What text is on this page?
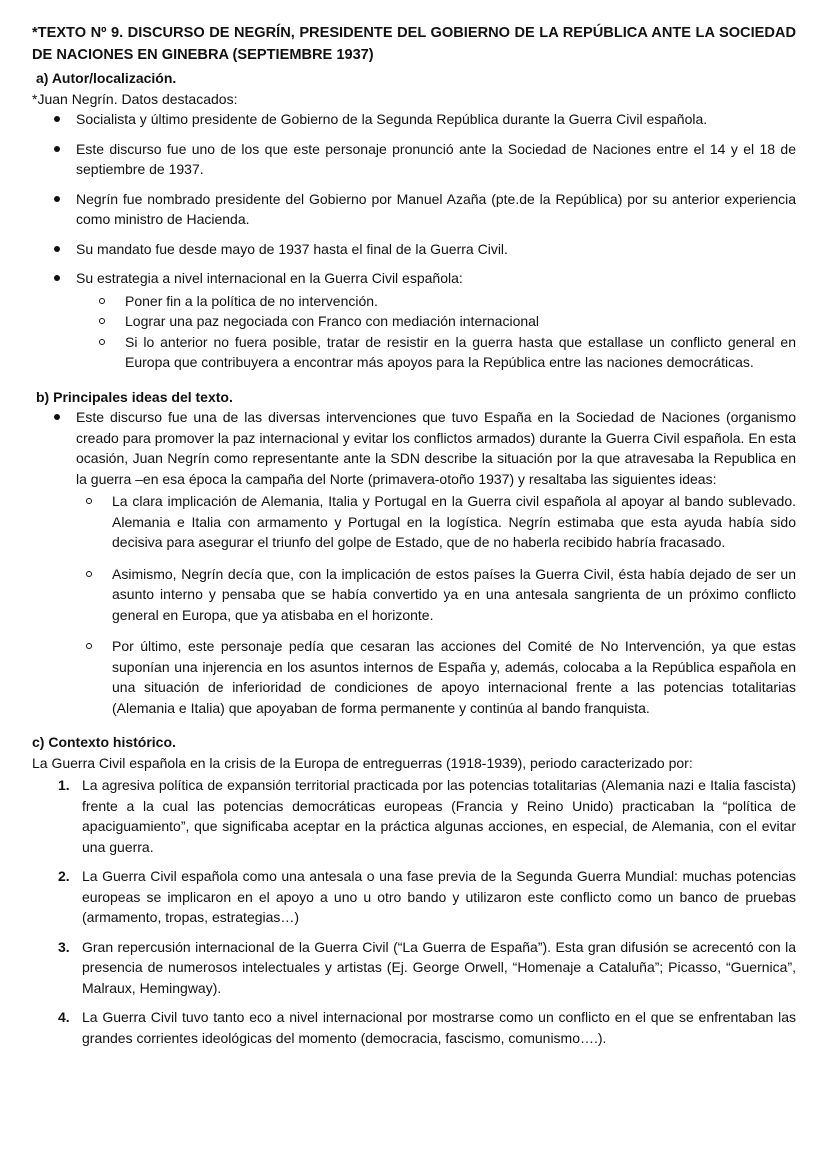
*TEXTO Nº 9. DISCURSO DE NEGRÍN, PRESIDENTE DEL GOBIERNO DE LA REPÚBLICA ANTE LA SOCIEDAD DE NACIONES EN GINEBRA (SEPTIEMBRE 1937)

a) Autor/localización.

*Juan Negrín. Datos destacados:

Socialista y último presidente de Gobierno de la Segunda República durante la Guerra Civil española.
Este discurso fue uno de los que este personaje pronunció ante la Sociedad de Naciones entre el 14 y el 18 de septiembre de 1937.
Negrín fue nombrado presidente del Gobierno por Manuel Azaña (pte.de la República) por su anterior experiencia como ministro de Hacienda.
Su mandato fue desde mayo de 1937 hasta el final de la Guerra Civil.
Su estrategia a nivel internacional en la Guerra Civil española:
Poner fin a la política de no intervención.
Lograr una paz negociada con Franco con mediación internacional
Si lo anterior no fuera posible, tratar de resistir en la guerra hasta que estallase un conflicto general en Europa que contribuyera a encontrar más apoyos para la República entre las naciones democráticas.

b) Principales ideas del texto.

Este discurso fue una de las diversas intervenciones que tuvo España en la Sociedad de Naciones (organismo creado para promover la paz internacional y evitar los conflictos armados) durante la Guerra Civil española. En esta ocasión, Juan Negrín como representante ante la SDN describe la situación por la que atravesaba la Republica en la guerra –en esa época la campaña del Norte (primavera-otoño 1937) y resaltaba las siguientes ideas:
La clara implicación de Alemania, Italia y Portugal en la Guerra civil española al apoyar al bando sublevado. Alemania e Italia con armamento y Portugal en la logística. Negrín estimaba que esta ayuda había sido decisiva para asegurar el triunfo del golpe de Estado, que de no haberla recibido habría fracasado.
Asimismo, Negrín decía que, con la implicación de estos países la Guerra Civil, ésta había dejado de ser un asunto interno y pensaba que se había convertido ya en una antesala sangrienta de un próximo conflicto general en Europa, que ya atisbaba en el horizonte.
Por último, este personaje pedía que cesaran las acciones del Comité de No Intervención, ya que estas suponían una injerencia en los asuntos internos de España y, además, colocaba a la República española en una situación de inferioridad de condiciones de apoyo internacional frente a las potencias totalitarias (Alemania e Italia) que apoyaban de forma permanente y continúa al bando franquista.

c) Contexto histórico.

La Guerra Civil española en la crisis de la Europa de entreguerras (1918-1939), periodo caracterizado por:

1. La agresiva política de expansión territorial practicada por las potencias totalitarias (Alemania nazi e Italia fascista) frente a la cual las potencias democráticas europeas (Francia y Reino Unido) practicaban la “política de apaciguamiento”, que significaba aceptar en la práctica algunas acciones, en especial, de Alemania, con el evitar una guerra.
2. La Guerra Civil española como una antesala o una fase previa de la Segunda Guerra Mundial: muchas potencias europeas se implicaron en el apoyo a uno u otro bando y utilizaron este conflicto como un banco de pruebas (armamento, tropas, estrategias…)
3. Gran repercusión internacional de la Guerra Civil (“La Guerra de España”). Esta gran difusión se acrecentó con la presencia de numerosos intelectuales y artistas (Ej. George Orwell, “Homenaje a Cataluña”; Picasso, “Guernica”, Malraux, Hemingway).
4. La Guerra Civil tuvo tanto eco a nivel internacional por mostrarse como un conflicto en el que se enfrentaban las grandes corrientes ideológicas del momento (democracia, fascismo, comunismo….).
